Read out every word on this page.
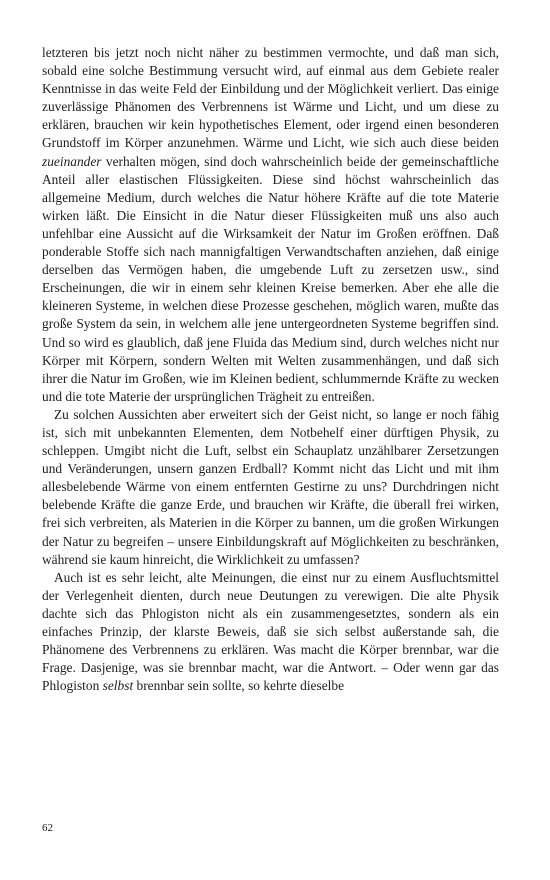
letzteren bis jetzt noch nicht näher zu bestimmen vermochte, und daß man sich, sobald eine solche Bestimmung versucht wird, auf einmal aus dem Gebiete realer Kenntnisse in das weite Feld der Einbildung und der Möglichkeit verliert. Das einige zuverlässige Phänomen des Verbrennens ist Wärme und Licht, und um diese zu erklären, brauchen wir kein hypothetisches Element, oder irgend einen besonderen Grundstoff im Körper anzunehmen. Wärme und Licht, wie sich auch diese beiden zueinander verhalten mögen, sind doch wahrscheinlich beide der gemeinschaftliche Anteil aller elastischen Flüssigkeiten. Diese sind höchst wahrscheinlich das allgemeine Medium, durch welches die Natur höhere Kräfte auf die tote Materie wirken läßt. Die Einsicht in die Natur dieser Flüssigkeiten muß uns also auch unfehlbar eine Aussicht auf die Wirksamkeit der Natur im Großen eröffnen. Daß ponderable Stoffe sich nach mannigfaltigen Verwandtschaften anziehen, daß einige derselben das Vermögen haben, die umgebende Luft zu zersetzen usw., sind Erscheinungen, die wir in einem sehr kleinen Kreise bemerken. Aber ehe alle die kleineren Systeme, in welchen diese Prozesse geschehen, möglich waren, mußte das große System da sein, in welchem alle jene untergeordneten Systeme begriffen sind. Und so wird es glaublich, daß jene Fluida das Medium sind, durch welches nicht nur Körper mit Körpern, sondern Welten mit Welten zusammenhängen, und daß sich ihrer die Natur im Großen, wie im Kleinen bedient, schlummernde Kräfte zu wecken und die tote Materie der ursprünglichen Trägheit zu entreißen.

Zu solchen Aussichten aber erweitert sich der Geist nicht, so lange er noch fähig ist, sich mit unbekannten Elementen, dem Notbehelf einer dürftigen Physik, zu schleppen. Umgibt nicht die Luft, selbst ein Schauplatz unzählbarer Zersetzungen und Veränderungen, unsern ganzen Erdball? Kommt nicht das Licht und mit ihm allesbelebende Wärme von einem entfernten Gestirne zu uns? Durchdringen nicht belebende Kräfte die ganze Erde, und brauchen wir Kräfte, die überall frei wirken, frei sich verbreiten, als Materien in die Körper zu bannen, um die großen Wirkungen der Natur zu begreifen – unsere Einbildungskraft auf Möglichkeiten zu beschränken, während sie kaum hinreicht, die Wirklichkeit zu umfassen?

Auch ist es sehr leicht, alte Meinungen, die einst nur zu einem Ausfluchtsmittel der Verlegenheit dienten, durch neue Deutungen zu verewigen. Die alte Physik dachte sich das Phlogiston nicht als ein zusammengesetztes, sondern als ein einfaches Prinzip, der klarste Beweis, daß sie sich selbst außerstande sah, die Phänomene des Verbrennens zu erklären. Was macht die Körper brennbar, war die Frage. Dasjenige, was sie brennbar macht, war die Antwort. – Oder wenn gar das Phlogiston selbst brennbar sein sollte, so kehrte dieselbe

62
